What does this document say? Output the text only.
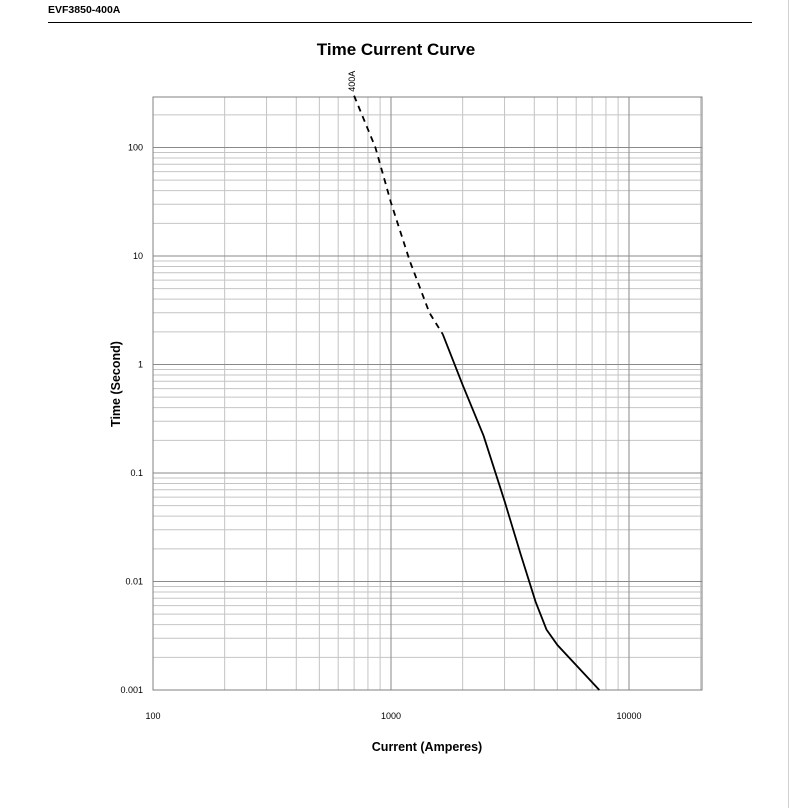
EVF3850-400A
100	1000	10000
100
10
1
0.1
0.01
0.001
400A
Time Current Curve
Current (Amperes)
Time (Second)
